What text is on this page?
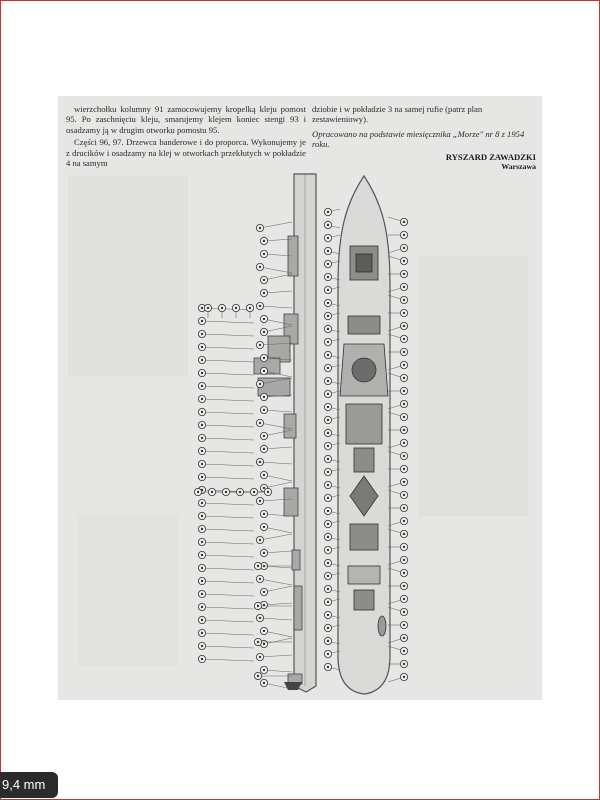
wierzchołku kolumny 91 zamocowujemy kropelką kleju pomost 95. Po zaschnięciu kleju, smarujemy klejem koniec stengi 93 i osadzamy ją w drugim otworku pomostu 95.

Części 96, 97. Drzewca banderowe i do proporca. Wykonujemy je z drucików i osadzamy na klej w otworkach przekłutych w pokładzie 4 na samym

dziobie i w pokładzie 3 na samej rufie (patrz plan zestawieniowy).

Opracowano na podstawie miesięcznika „Morze" nr 8 z 1954 roku.

RYSZARD ZAWADZKI
Warszawa
9,4 mm
